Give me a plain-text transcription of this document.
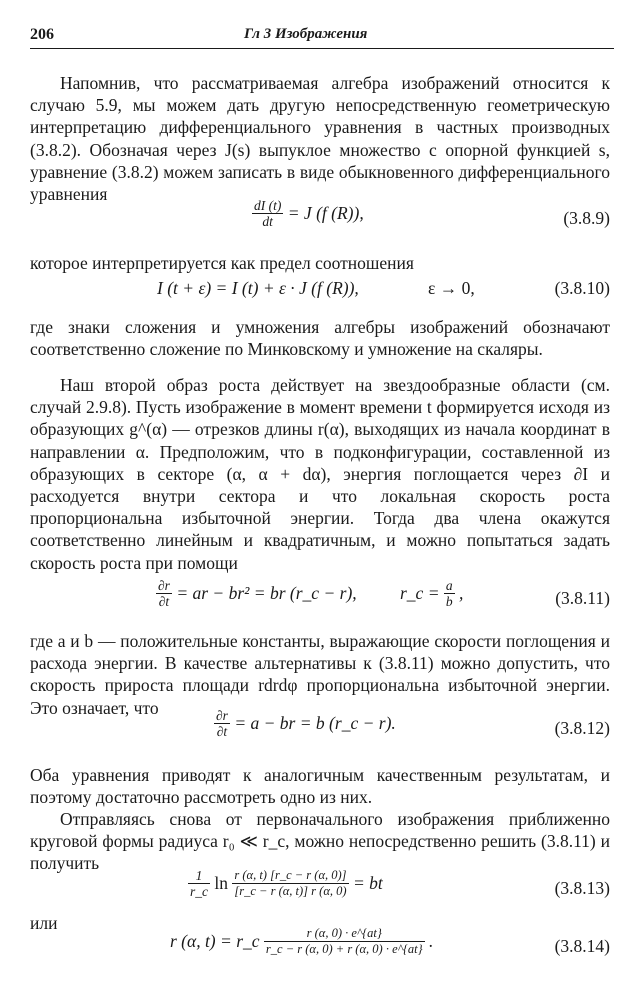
206	Гл 3 Изображения

Напомнив, что рассматриваемая алгебра изображений относится к случаю 5.9, мы можем дать другую непосредственную геометрическую интерпретацию дифференциального уравнения в частных производных (3.8.2). Обозначая через J(s) выпуклое множество с опорной функцией s, уравнение (3.8.2) можем записать в виде обыкновенного дифференциального уравнения

$\frac{dI (t)}{dt} = J$ (f (R)),	(3.8.9)

которое интерпретируется как предел соотношения

I (t + ε) = I (t) + ε · J (f (R)),	ε → 0,	(3.8.10)

где знаки сложения и умножения алгебры изображений обозначают соответственно сложение по Минковскому и умножение на скаляры.

Наш второй образ роста действует на звездообразные области (см. случай 2.9.8). Пусть изображение в момент времени t формируется исходя из образующих g^(α) — отрезков длины r(α), выходящих из начала координат в направлении α. Предположим, что в подконфигурации, составленной из образующих в секторе (α, α + dα), энергия поглощается через ∂I и расходуется внутри сектора и что локальная скорость роста пропорциональна избыточной энергии. Тогда два члена окажутся соответственно линейным и квадратичным, и можно попытаться задать скорость роста при помощи

$\frac{\partial r}{\partial t}$ = ar − br² = br (r_c − r), r_c = $\frac{a}{b}$ ,	(3.8.11)

где a и b — положительные константы, выражающие скорости поглощения и расхода энергии. В качестве альтернативы к (3.8.11) можно допустить, что скорость прироста площади rdrdφ пропорциональна избыточной энергии. Это означает, что

$\frac{\partial r}{\partial t} = a$ − br = b (r_c − r).	(3.8.12)

Оба уравнения приводят к аналогичным качественным результатам, и поэтому достаточно рассмотреть одно из них.

Отправляясь снова от первоначального изображения приближенно круговой формы радиуса r₀ ≪ r_c, можно непосредственно решить (3.8.11) и получить

$\frac{1}{r\_c}$ $\ln \frac{r (\alpha, t) [r\_c - r (\alpha, 0)]}{[r\_c - r (\alpha, t)] r (\alpha, 0)}$ = bt	(3.8.13)

или

r (α, t) = r_c $\frac{r (\alpha, 0) \cdot e\^{}\{at\}}{r\_c - r (\alpha, 0) + r (\alpha, 0) \cdot e\^{}\{at\}}$ .	(3.8.14)
